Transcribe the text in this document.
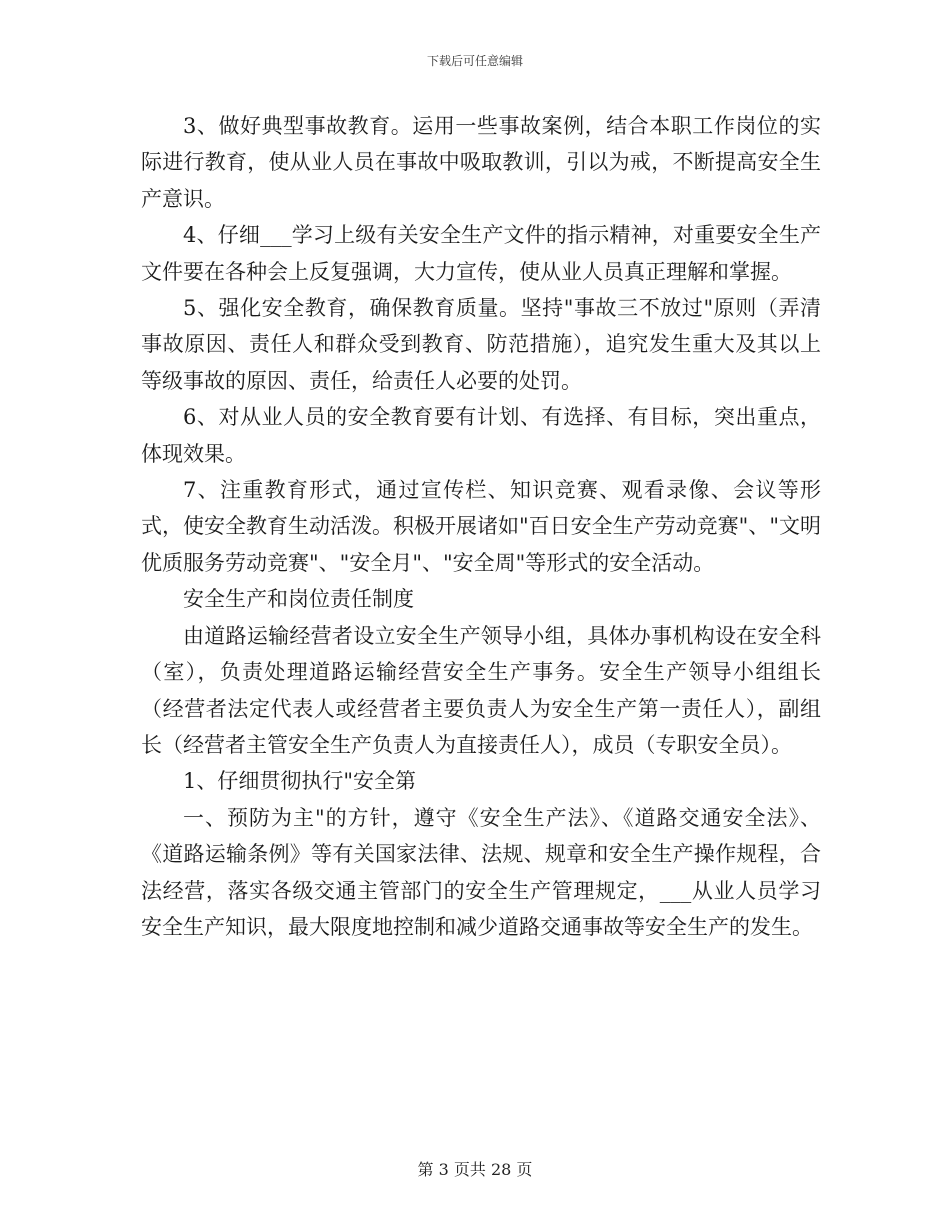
下载后可任意编辑

3、做好典型事故教育。运用一些事故案例，结合本职工作岗位的实际进行教育，使从业人员在事故中吸取教训，引以为戒，不断提高安全生产意识。

4、仔细___学习上级有关安全生产文件的指示精神，对重要安全生产文件要在各种会上反复强调，大力宣传，使从业人员真正理解和掌握。

5、强化安全教育，确保教育质量。坚持"事故三不放过"原则（弄清事故原因、责任人和群众受到教育、防范措施），追究发生重大及其以上等级事故的原因、责任，给责任人必要的处罚。

6、对从业人员的安全教育要有计划、有选择、有目标，突出重点，体现效果。

7、注重教育形式，通过宣传栏、知识竞赛、观看录像、会议等形式，使安全教育生动活泼。积极开展诸如"百日安全生产劳动竞赛"、"文明优质服务劳动竞赛"、"安全月"、"安全周"等形式的安全活动。

安全生产和岗位责任制度

由道路运输经营者设立安全生产领导小组，具体办事机构设在安全科（室），负责处理道路运输经营安全生产事务。安全生产领导小组组长（经营者法定代表人或经营者主要负责人为安全生产第一责任人），副组长（经营者主管安全生产负责人为直接责任人），成员（专职安全员）。

1、仔细贯彻执行"安全第

一、预防为主"的方针，遵守《安全生产法》、《道路交通安全法》、《道路运输条例》等有关国家法律、法规、规章和安全生产操作规程，合法经营，落实各级交通主管部门的安全生产管理规定，___从业人员学习安全生产知识，最大限度地控制和减少道路交通事故等安全生产的发生。

第 3 页共 28 页
